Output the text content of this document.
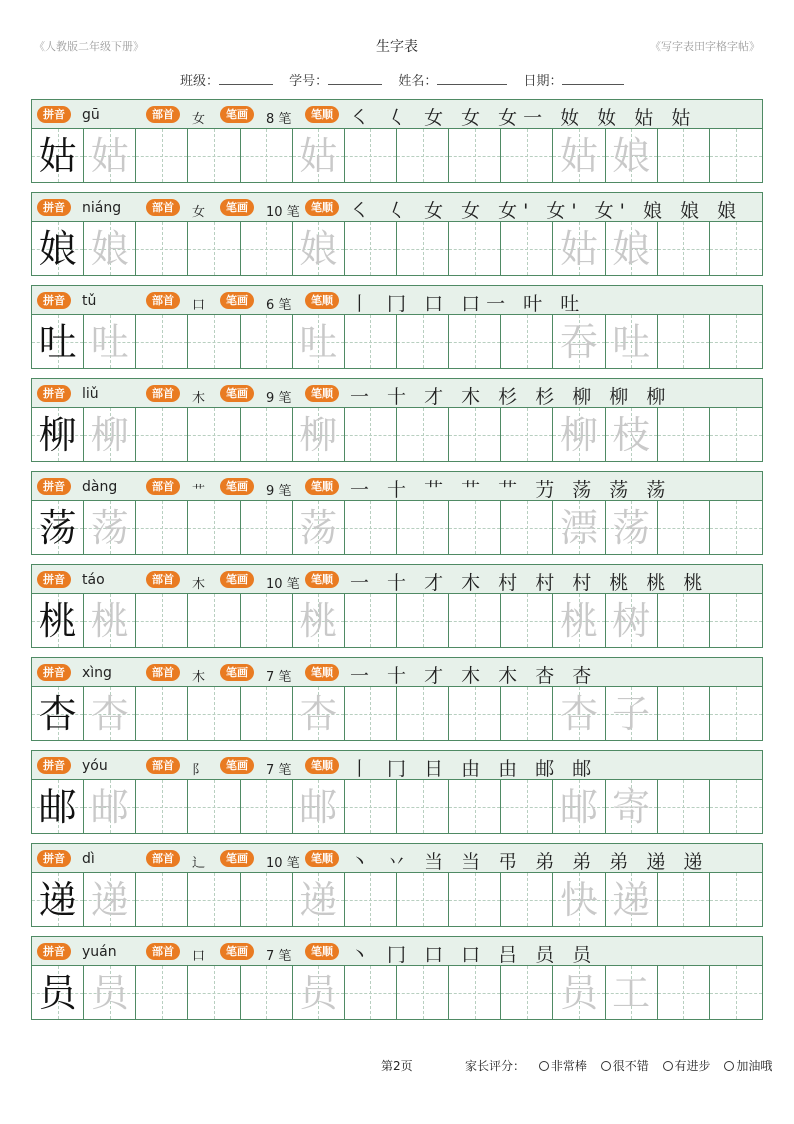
《人教版二年级下册》	生字表	《写字表田字格字帖》
班级：	学号：	姓名：	日期：
拼音	gū	部首	女	笔画	8 笔	笔顺 ㇛ 𡿨 女 女 女一 奻 奻 姑 姑
姑 姑	姑	姑 娘
拼音	niáng	部首	女	笔画	10 笔	笔顺 ㇛ 𡿨 女 女 女' 女' 女' 娘 娘 娘
娘 娘	娘	姑 娘
拼音	tǔ	部首	口	笔画	6 笔	笔顺 丨 冂 口 口一 叶 吐
吐 吐	吐	吞 吐
拼音	liǔ	部首	木	笔画	9 笔	笔顺 一 十 才 木 杉 杉 柳 柳 柳
柳 柳	柳	柳 枝
拼音	dàng	部首	艹	笔画	9 笔	笔顺 一 十 艹 艹 艹 芀 荡 荡 荡
荡 荡	荡	漂 荡
拼音	táo	部首	木	笔画	10 笔	笔顺 一 十 才 木 村 村 村 桃 桃 桃
桃 桃	桃	桃 树
拼音	xìng	部首	木	笔画	7 笔	笔顺 一 十 才 木 木 杏 杏
杏 杏	杏	杏 子
拼音	yóu	部首	阝	笔画	7 笔	笔顺 丨 冂 日 由 由 邮 邮
邮 邮	邮	邮 寄
拼音	dì	部首	辶	笔画	10 笔	笔顺 丶 丷 当 当 弔 弟 弟 弟 递 递
递 递	递	快 递
拼音	yuán	部首	口	笔画	7 笔	笔顺 丶 冂 口 口 吕 员 员
员 员	员	员 工
第2页	家长评分： 非常棒 很不错 有进步 加油哦
